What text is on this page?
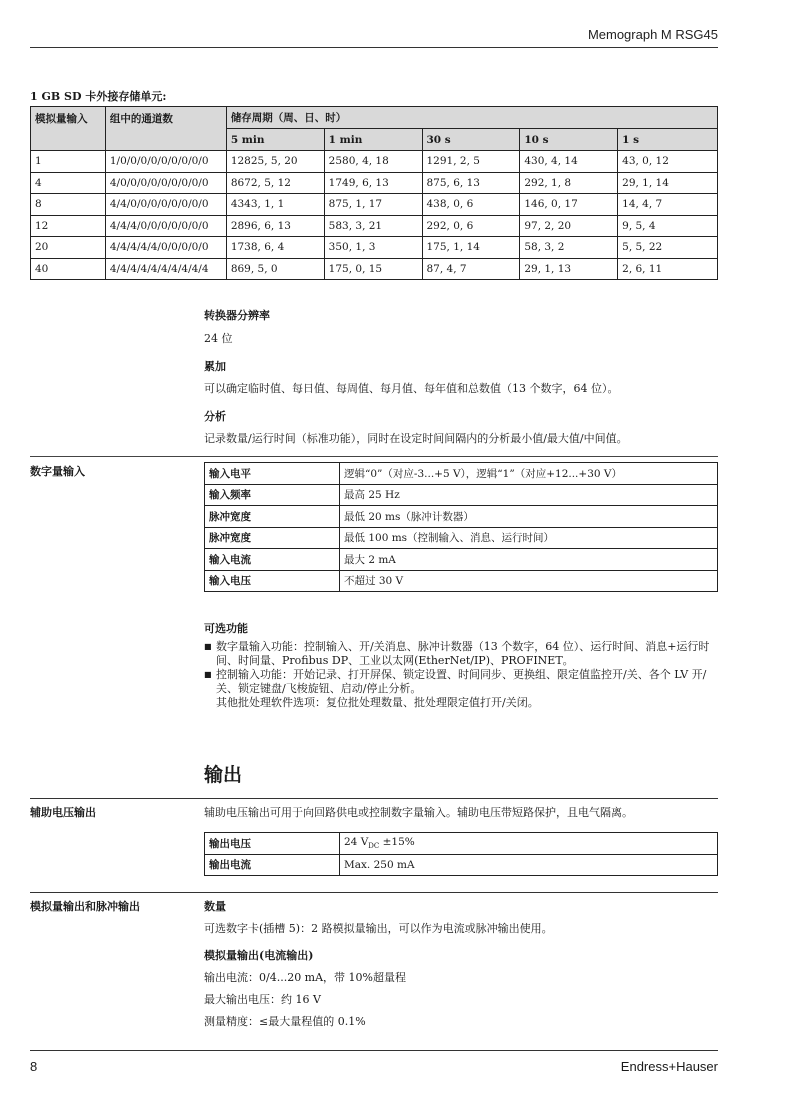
Memograph M RSG45
1 GB SD 卡外接存储单元:
模拟量输入	组中的通道数	储存周期（周、日、时）				
		5 min	1 min	30 s	10 s	1 s
1	1/0/0/0/0/0/0/0/0/0	12825, 5, 20	2580, 4, 18	1291, 2, 5	430, 4, 14	43, 0, 12
4	4/0/0/0/0/0/0/0/0/0	8672, 5, 12	1749, 6, 13	875, 6, 13	292, 1, 8	29, 1, 14
8	4/4/0/0/0/0/0/0/0/0	4343, 1, 1	875, 1, 17	438, 0, 6	146, 0, 17	14, 4, 7
12	4/4/4/0/0/0/0/0/0/0	2896, 6, 13	583, 3, 21	292, 0, 6	97, 2, 20	9, 5, 4
20	4/4/4/4/4/0/0/0/0/0	1738, 6, 4	350, 1, 3	175, 1, 14	58, 3, 2	5, 5, 22
40	4/4/4/4/4/4/4/4/4/4	869, 5, 0	175, 0, 15	87, 4, 7	29, 1, 13	2, 6, 11
转换器分辨率
24 位
累加
可以确定临时值、每日值、每周值、每月值、每年值和总数值（13 个数字，64 位）。
分析
记录数量/运行时间（标准功能），同时在设定时间间隔内的分析最小值/最大值/中间值。
数字量输入	输入电平	逻辑“0”（对应-3...+5 V），逻辑“1”（对应+12...+30 V）
输入频率	最高 25 Hz
脉冲宽度	最低 20 ms（脉冲计数器）
脉冲宽度	最低 100 ms（控制输入、消息、运行时间）
输入电流	最大 2 mA
输入电压	不超过 30 V
可选功能
■ 数字量输入功能：控制输入、开/关消息、脉冲计数器（13 个数字，64 位）、运行时间、消息+运行时间、时间量、Profibus DP、工业以太网(EtherNet/IP)、PROFINET。
■ 控制输入功能：开始记录、打开屏保、锁定设置、时间同步、更换组、限定值监控开/关、各个 LV 开/关、锁定键盘/飞梭旋钮、启动/停止分析。
其他批处理软件选项：复位批处理数量、批处理限定值打开/关闭。
输出
辅助电压输出	辅助电压输出可用于向回路供电或控制数字量输入。辅助电压带短路保护，且电气隔离。
输出电压	24 $V_{DC} \pm 15\%$
输出电流	Max. 250 mA
模拟量输出和脉冲输出	数量
可选数字卡(插槽 5)：2 路模拟量输出，可以作为电流或脉冲输出使用。
模拟量输出(电流输出)
输出电流：0/4...20 mA，带 10%超量程
最大输出电压：约 16 V
测量精度：≤最大量程值的 0.1%
8	Endress+Hauser
